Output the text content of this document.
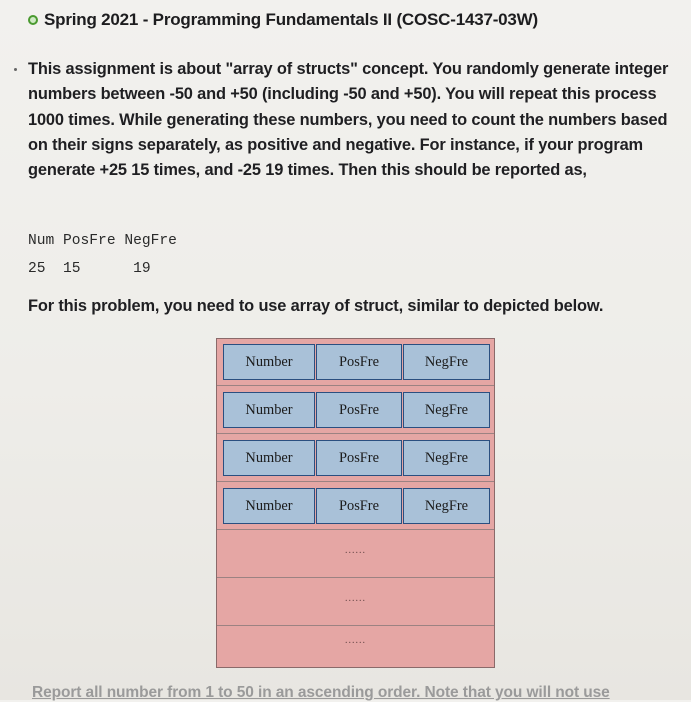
Spring 2021 - Programming Fundamentals II (COSC-1437-03W)
This assignment is about "array of structs" concept. You randomly generate integer numbers between -50 and +50 (including -50 and +50). You will repeat this process 1000 times. While generating these numbers, you need to count the numbers based on their signs separately, as positive and negative. For instance, if your program generate +25 15 times, and -25 19 times. Then this should be reported as,
Num PosFre NegFre
25  15      19
For this problem, you need to use array of struct, similar to depicted below.
Number	PosFre	NegFre
Number	PosFre	NegFre
Number	PosFre	NegFre
Number	PosFre	NegFre
......
......
......
Report all number from 1 to 50 in an ascending order. Note that you will not use
